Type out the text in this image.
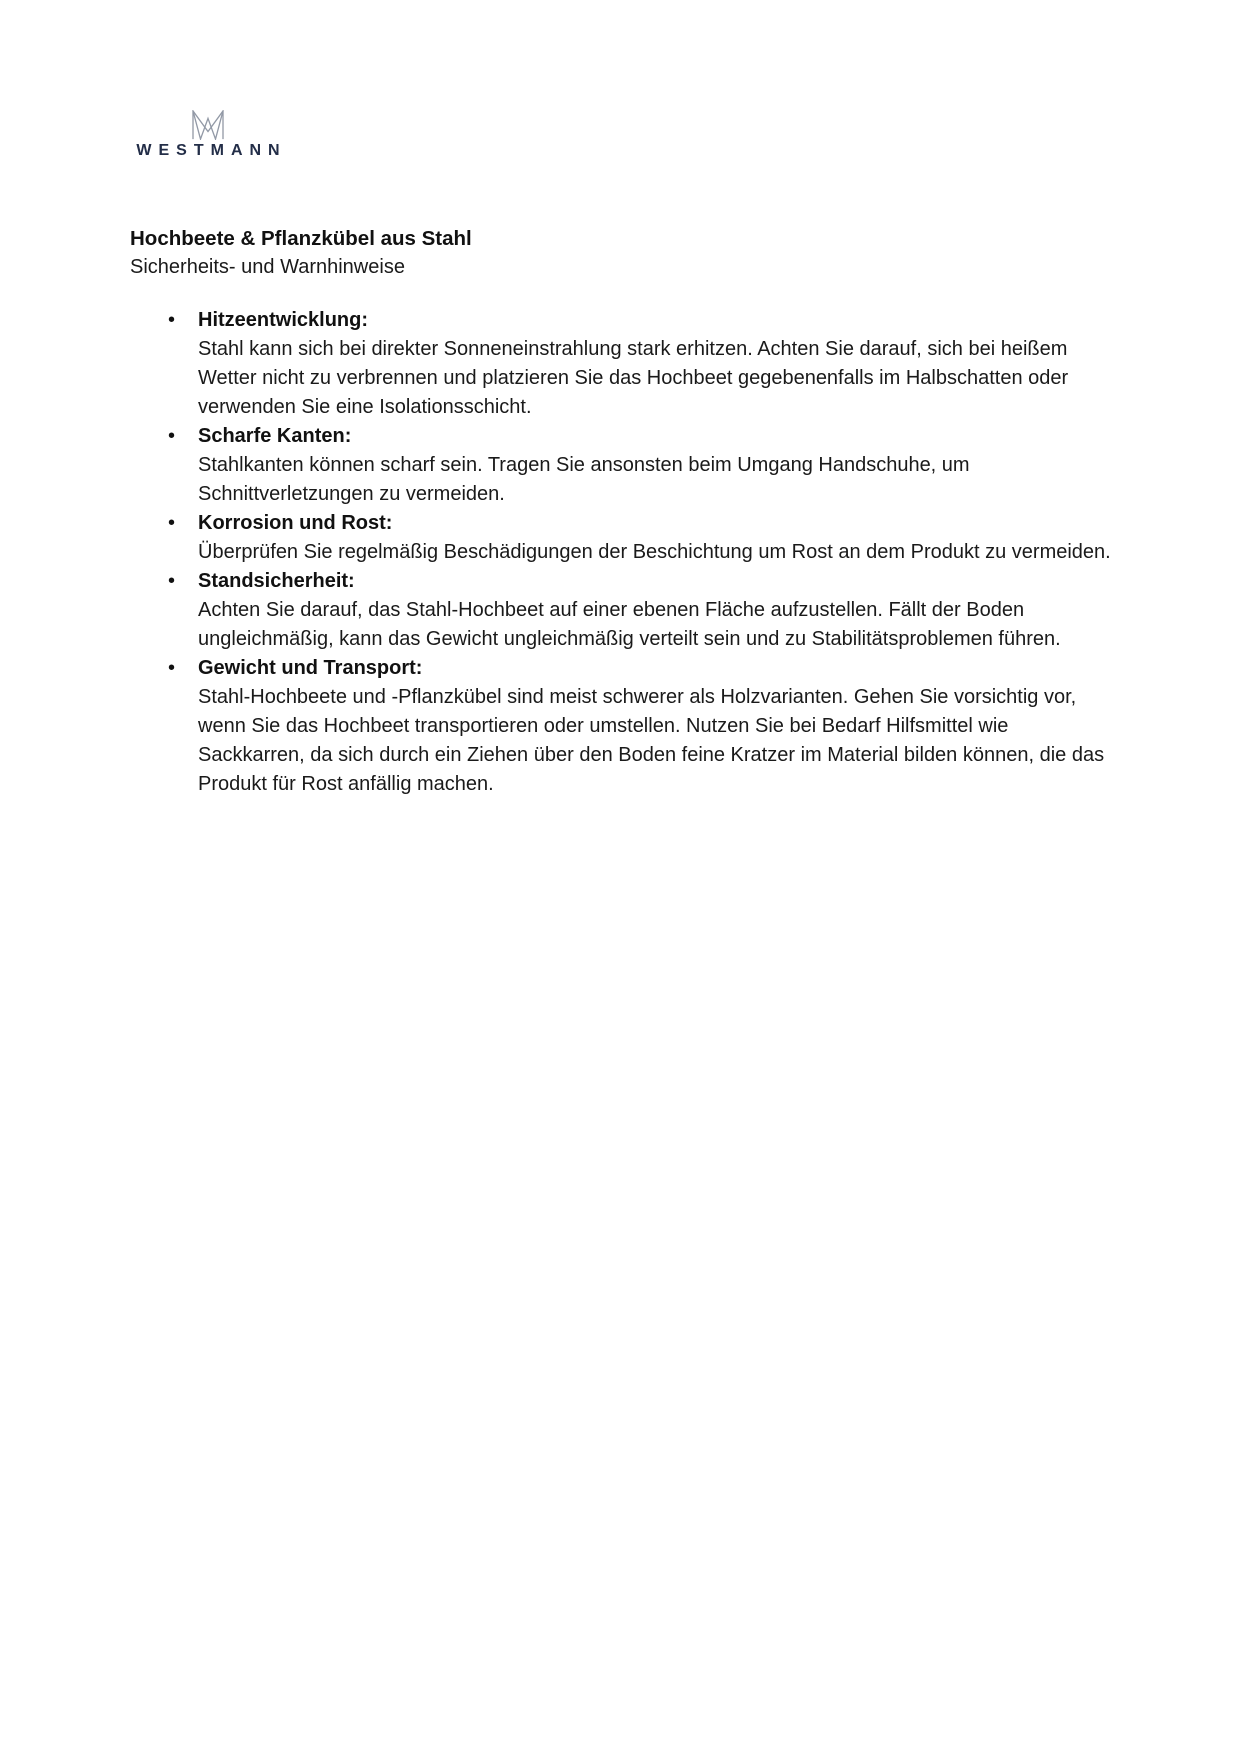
WESTMANN
Hochbeete & Pflanzkübel aus Stahl
Sicherheits- und Warnhinweise
• Hitzeentwicklung:
Stahl kann sich bei direkter Sonneneinstrahlung stark erhitzen. Achten Sie darauf, sich bei heißem Wetter nicht zu verbrennen und platzieren Sie das Hochbeet gegebenenfalls im Halbschatten oder verwenden Sie eine Isolationsschicht.
• Scharfe Kanten:
Stahlkanten können scharf sein. Tragen Sie ansonsten beim Umgang Handschuhe, um Schnittverletzungen zu vermeiden.
• Korrosion und Rost:
Überprüfen Sie regelmäßig Beschädigungen der Beschichtung um Rost an dem Produkt zu vermeiden.
• Standsicherheit:
Achten Sie darauf, das Stahl-Hochbeet auf einer ebenen Fläche aufzustellen. Fällt der Boden ungleichmäßig, kann das Gewicht ungleichmäßig verteilt sein und zu Stabilitätsproblemen führen.
• Gewicht und Transport:
Stahl-Hochbeete und -Pflanzkübel sind meist schwerer als Holzvarianten. Gehen Sie vorsichtig vor, wenn Sie das Hochbeet transportieren oder umstellen. Nutzen Sie bei Bedarf Hilfsmittel wie Sackkarren, da sich durch ein Ziehen über den Boden feine Kratzer im Material bilden können, die das Produkt für Rost anfällig machen.
